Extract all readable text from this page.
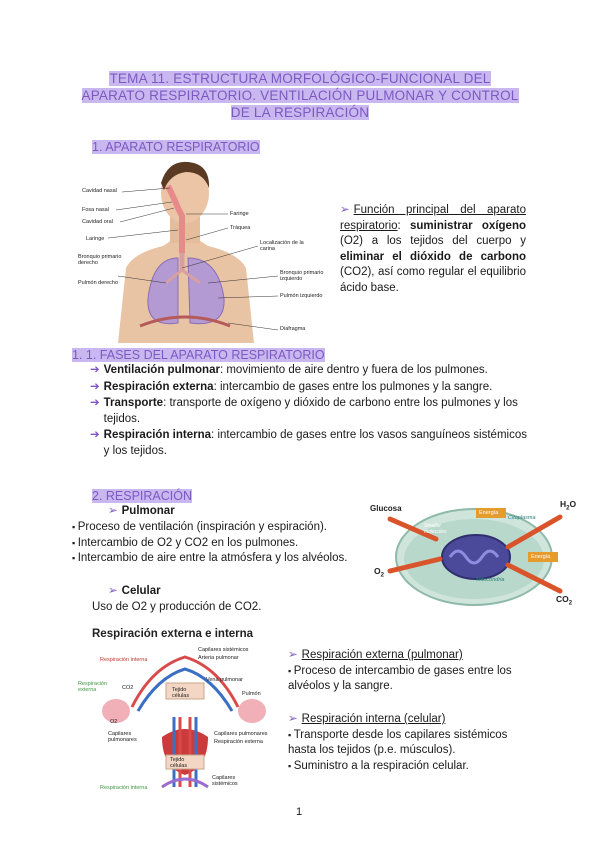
TEMA 11. ESTRUCTURA MORFOLÓGICO-FUNCIONAL DEL
APARATO RESPIRATORIO. VENTILACIÓN PULMONAR Y CONTROL
DE LA RESPIRACIÓN
1. APARATO RESPIRATORIO
Cavidad nasal
Fosa nasal
Cavidad oral
Laringe
Bronquio primario derecho
Pulmón derecho
Faringe
Tráquea
Localización de la carina
Bronquio primario izquierdo
Pulmón izquierdo
Diafragma
➢ Función principal del aparato respiratorio: suministrar oxígeno (O2) a los tejidos del cuerpo y eliminar el dióxido de carbono (CO2), así como regular el equilibrio ácido base.
1. 1. FASES DEL APARATO RESPIRATORIO
➔ Ventilación pulmonar: movimiento de aire dentro y fuera de los pulmones.
➔ Respiración externa: intercambio de gases entre los pulmones y la sangre.
➔ Transporte: transporte de oxígeno y dióxido de carbono entre los pulmones y los tejidos.
➔ Respiración interna: intercambio de gases entre los vasos sanguíneos sistémicos y los tejidos.
2. RESPIRACIÓN
➢ Pulmonar
▪ Proceso de ventilación (inspiración y espiración).
▪ Intercambio de O2 y CO2 en los pulmones.
▪ Intercambio de aire entre la atmósfera y los alvéolos.
➢ Celular
Uso de O2 y producción de CO2.
Glucosa	$H_2O$
$O_2$
$CO_2$
Energía
Energía
Citoplasma
Smaller molecules
Mitocondria
Respiración externa e interna
Respiración interna
Respiración externa
Capilares sistémicos
Arteria pulmonar
Vena pulmonar
Pulmón
Tejido células
Capilares pulmonares
Capilares pulmonares
Respiración externa
Tejido células
Capilares sistémicos
Respiración interna
CO2
O2
➢ Respiración externa (pulmonar)
▪ Proceso de intercambio de gases entre los alvéolos y la sangre.
➢ Respiración interna (celular)
▪ Transporte desde los capilares sistémicos hasta los tejidos (p.e. músculos).
▪ Suministro a la respiración celular.
1
